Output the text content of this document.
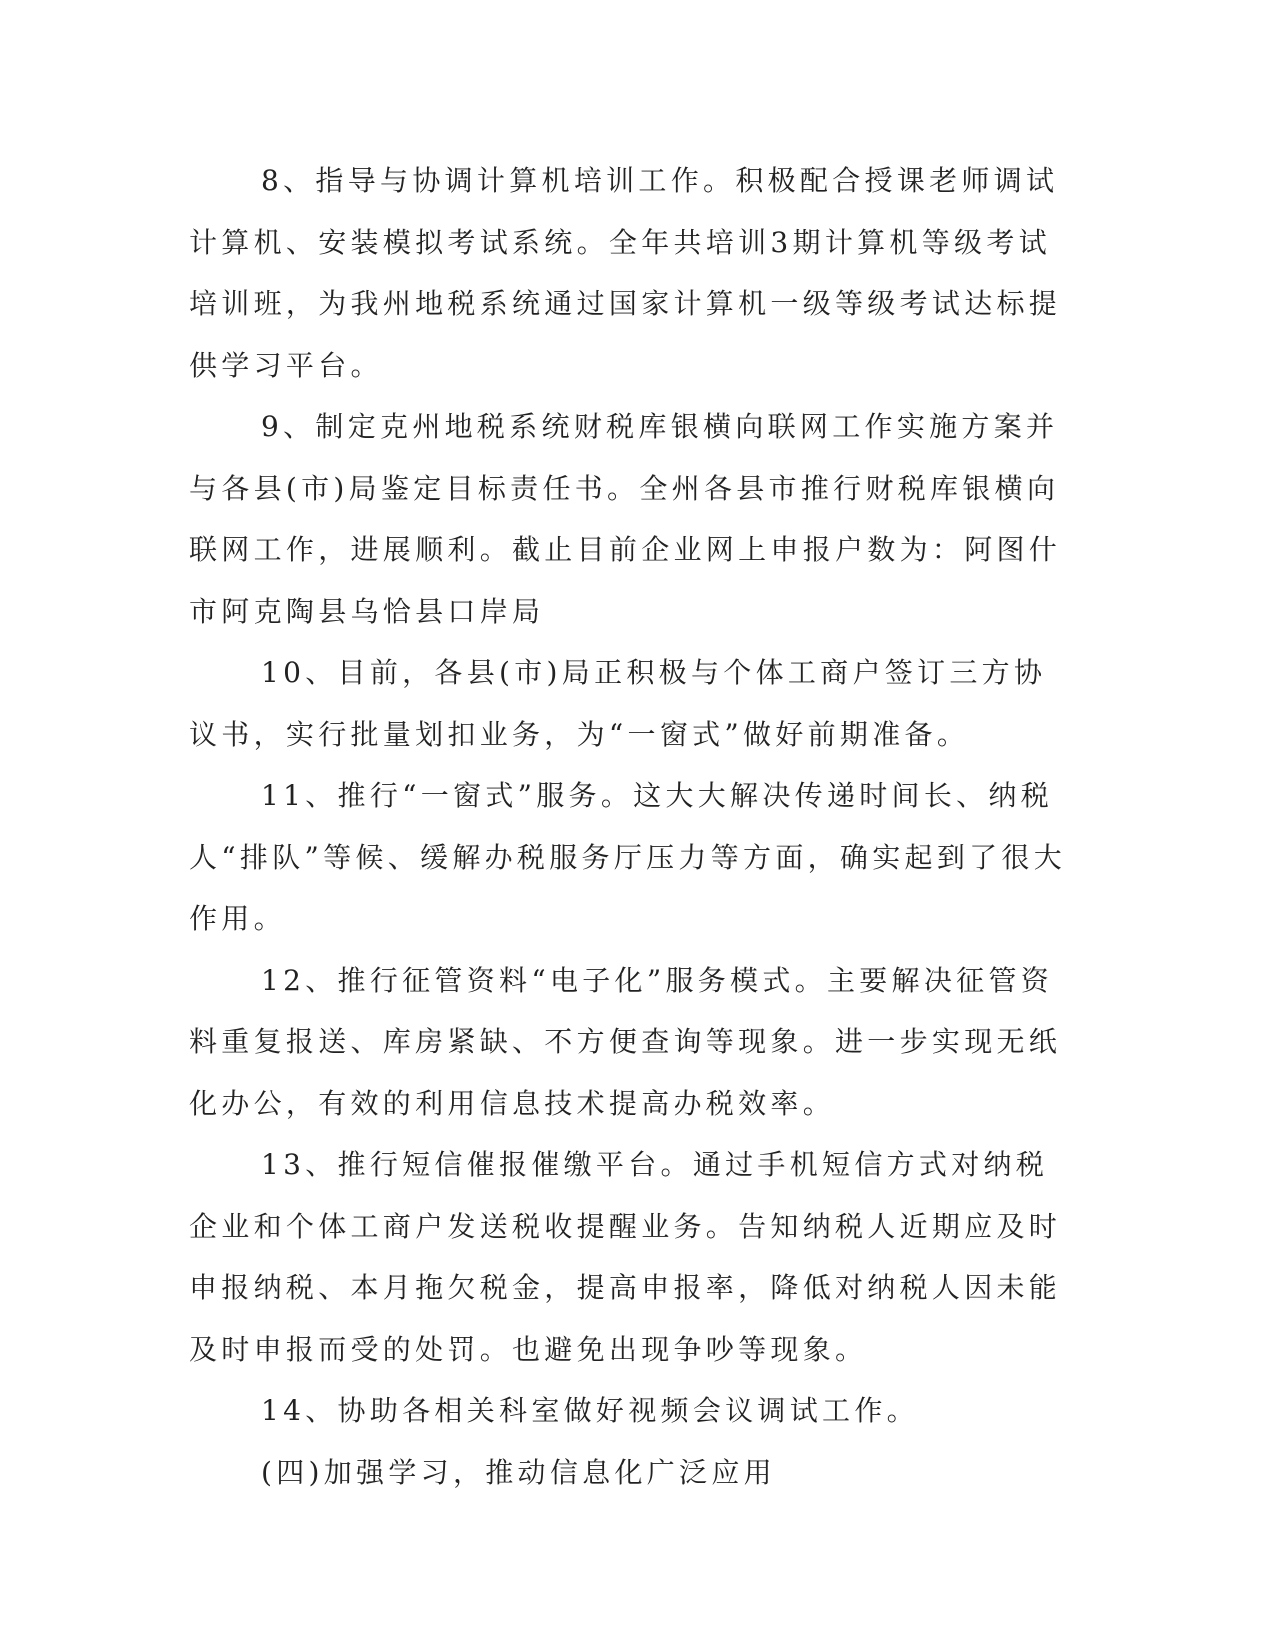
8、指导与协调计算机培训工作。积极配合授课老师调试计算机、安装模拟考试系统。全年共培训3期计算机等级考试培训班，为我州地税系统通过国家计算机一级等级考试达标提供学习平台。

9、制定克州地税系统财税库银横向联网工作实施方案并与各县(市)局鉴定目标责任书。全州各县市推行财税库银横向联网工作，进展顺利。截止目前企业网上申报户数为：阿图什市阿克陶县乌恰县口岸局

10、目前，各县(市)局正积极与个体工商户签订三方协议书，实行批量划扣业务，为“一窗式”做好前期准备。

11、推行“一窗式”服务。这大大解决传递时间长、纳税人“排队”等候、缓解办税服务厅压力等方面，确实起到了很大作用。

12、推行征管资料“电子化”服务模式。主要解决征管资料重复报送、库房紧缺、不方便查询等现象。进一步实现无纸化办公，有效的利用信息技术提高办税效率。

13、推行短信催报催缴平台。通过手机短信方式对纳税企业和个体工商户发送税收提醒业务。告知纳税人近期应及时申报纳税、本月拖欠税金，提高申报率，降低对纳税人因未能及时申报而受的处罚。也避免出现争吵等现象。

14、协助各相关科室做好视频会议调试工作。

(四)加强学习，推动信息化广泛应用
